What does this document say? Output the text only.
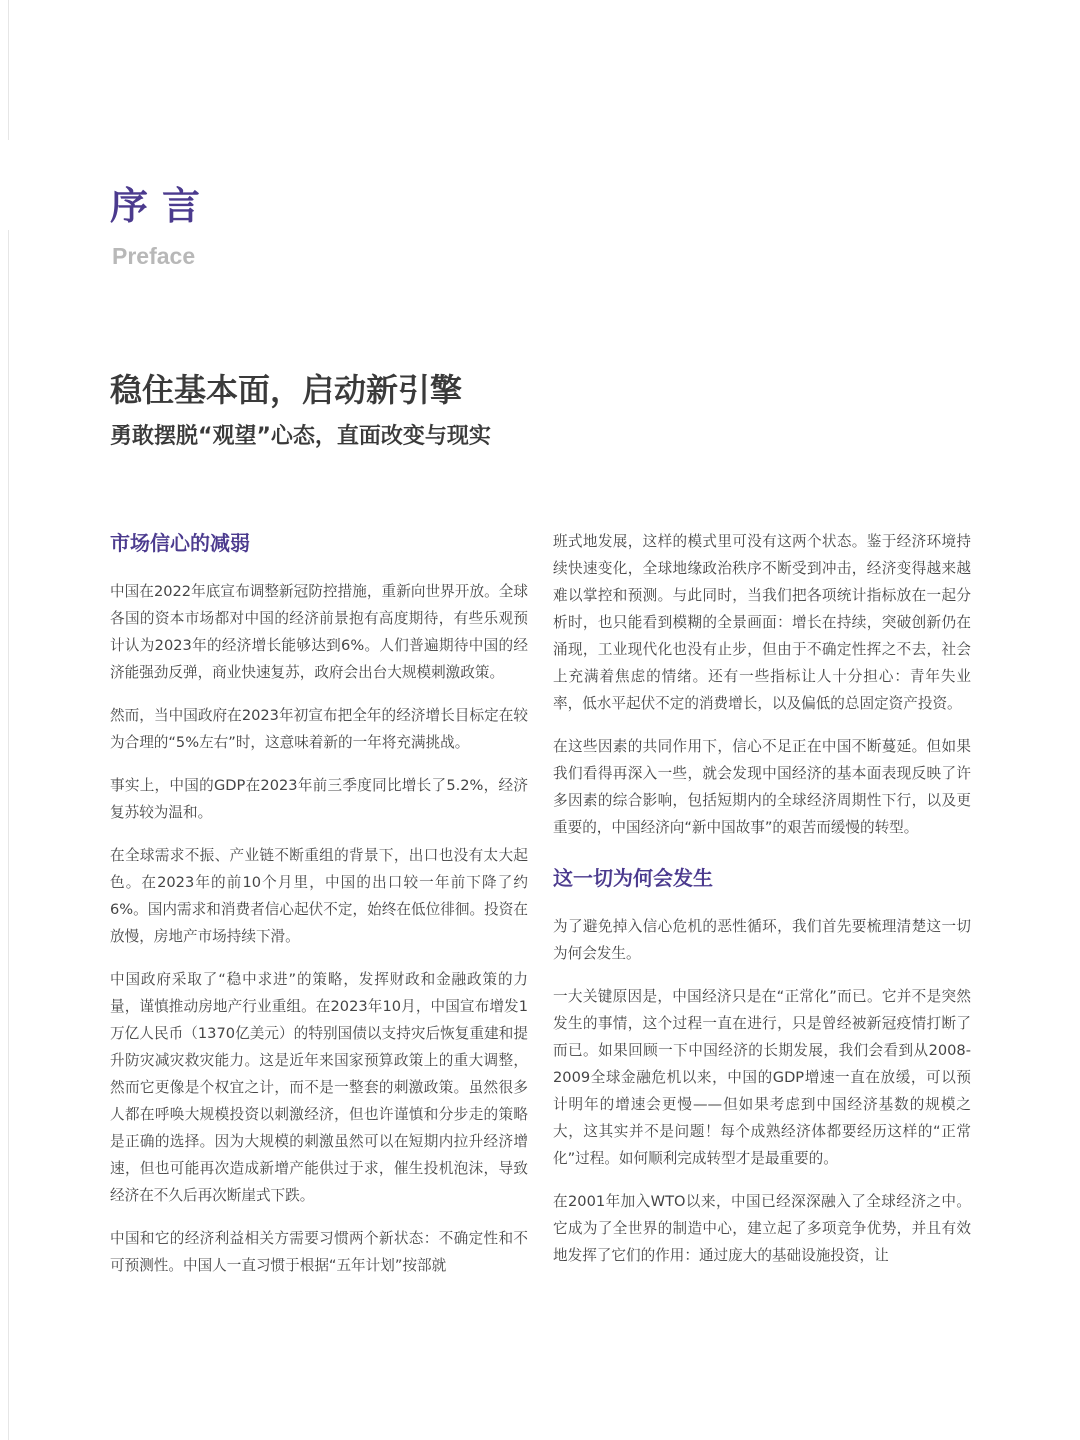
序言
Preface
稳住基本面，启动新引擎
勇敢摆脱“观望”心态，直面改变与现实
市场信心的减弱

中国在2022年底宣布调整新冠防控措施，重新向世界开放。全球各国的资本市场都对中国的经济前景抱有高度期待，有些乐观预计认为2023年的经济增长能够达到6%。人们普遍期待中国的经济能强劲反弹，商业快速复苏，政府会出台大规模刺激政策。

然而，当中国政府在2023年初宣布把全年的经济增长目标定在较为合理的“5%左右”时，这意味着新的一年将充满挑战。

事实上，中国的GDP在2023年前三季度同比增长了5.2%，经济复苏较为温和。

在全球需求不振、产业链不断重组的背景下，出口也没有太大起色。在2023年的前10个月里，中国的出口较一年前下降了约6%。国内需求和消费者信心起伏不定，始终在低位徘徊。投资在放慢，房地产市场持续下滑。

中国政府采取了“稳中求进”的策略，发挥财政和金融政策的力量，谨慎推动房地产行业重组。在2023年10月，中国宣布增发1万亿人民币（1370亿美元）的特别国债以支持灾后恢复重建和提升防灾减灾救灾能力。这是近年来国家预算政策上的重大调整，然而它更像是个权宜之计，而不是一整套的刺激政策。虽然很多人都在呼唤大规模投资以刺激经济，但也许谨慎和分步走的策略是正确的选择。因为大规模的刺激虽然可以在短期内拉升经济增速，但也可能再次造成新增产能供过于求，催生投机泡沫，导致经济在不久后再次断崖式下跌。

中国和它的经济利益相关方需要习惯两个新状态：不确定性和不可预测性。中国人一直习惯于根据“五年计划”按部就

班式地发展，这样的模式里可没有这两个状态。鉴于经济环境持续快速变化，全球地缘政治秩序不断受到冲击，经济变得越来越难以掌控和预测。与此同时，当我们把各项统计指标放在一起分析时，也只能看到模糊的全景画面：增长在持续，突破创新仍在涌现，工业现代化也没有止步，但由于不确定性挥之不去，社会上充满着焦虑的情绪。还有一些指标让人十分担心：青年失业率，低水平起伏不定的消费增长，以及偏低的总固定资产投资。

在这些因素的共同作用下，信心不足正在中国不断蔓延。但如果我们看得再深入一些，就会发现中国经济的基本面表现反映了许多因素的综合影响，包括短期内的全球经济周期性下行，以及更重要的，中国经济向“新中国故事”的艰苦而缓慢的转型。

这一切为何会发生

为了避免掉入信心危机的恶性循环，我们首先要梳理清楚这一切为何会发生。

一大关键原因是，中国经济只是在“正常化”而已。它并不是突然发生的事情，这个过程一直在进行，只是曾经被新冠疫情打断了而已。如果回顾一下中国经济的长期发展，我们会看到从2008-2009全球金融危机以来，中国的GDP增速一直在放缓，可以预计明年的增速会更慢——但如果考虑到中国经济基数的规模之大，这其实并不是问题！每个成熟经济体都要经历这样的“正常化”过程。如何顺利完成转型才是最重要的。

在2001年加入WTO以来，中国已经深深融入了全球经济之中。它成为了全世界的制造中心，建立起了多项竞争优势，并且有效地发挥了它们的作用：通过庞大的基础设施投资，让
